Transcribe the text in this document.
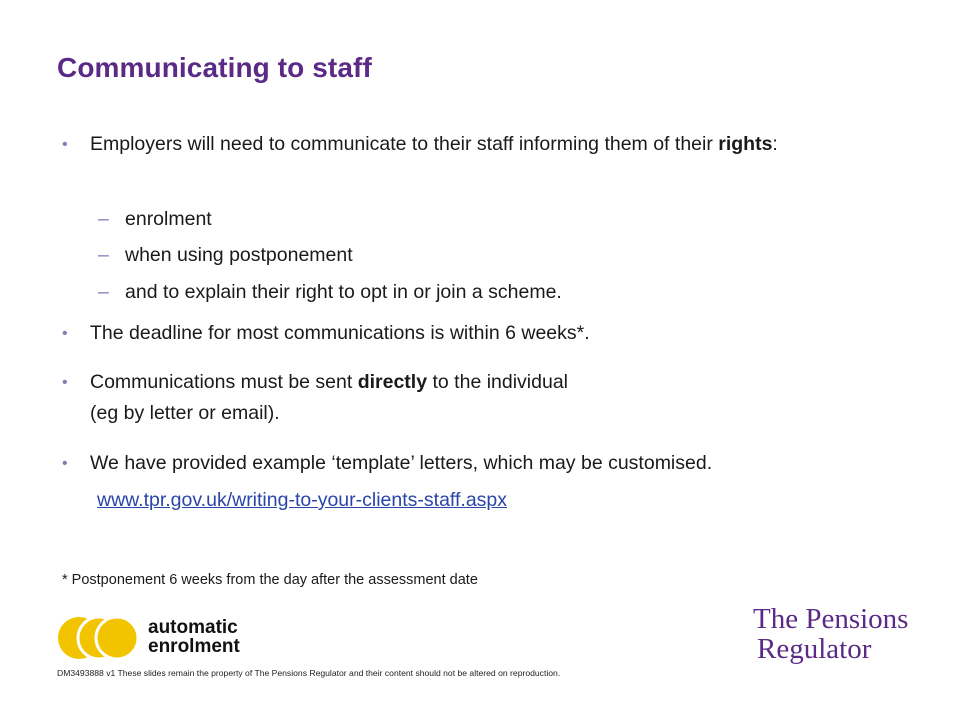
Communicating to staff
• Employers will need to communicate to their staff informing them of their rights:
– enrolment
– when using postponement
– and to explain their right to opt in or join a scheme.
• The deadline for most communications is within 6 weeks*.
• Communications must be sent directly to the individual
(eg by letter or email).
• We have provided example ‘template’ letters, which may be customised.
www.tpr.gov.uk/writing-to-your-clients-staff.aspx
* Postponement 6 weeks from the day after the assessment date
automatic
enrolment
The Pensions
Regulator
DM3493888 v1 These slides remain the property of The Pensions Regulator and their content should not be altered on reproduction.
